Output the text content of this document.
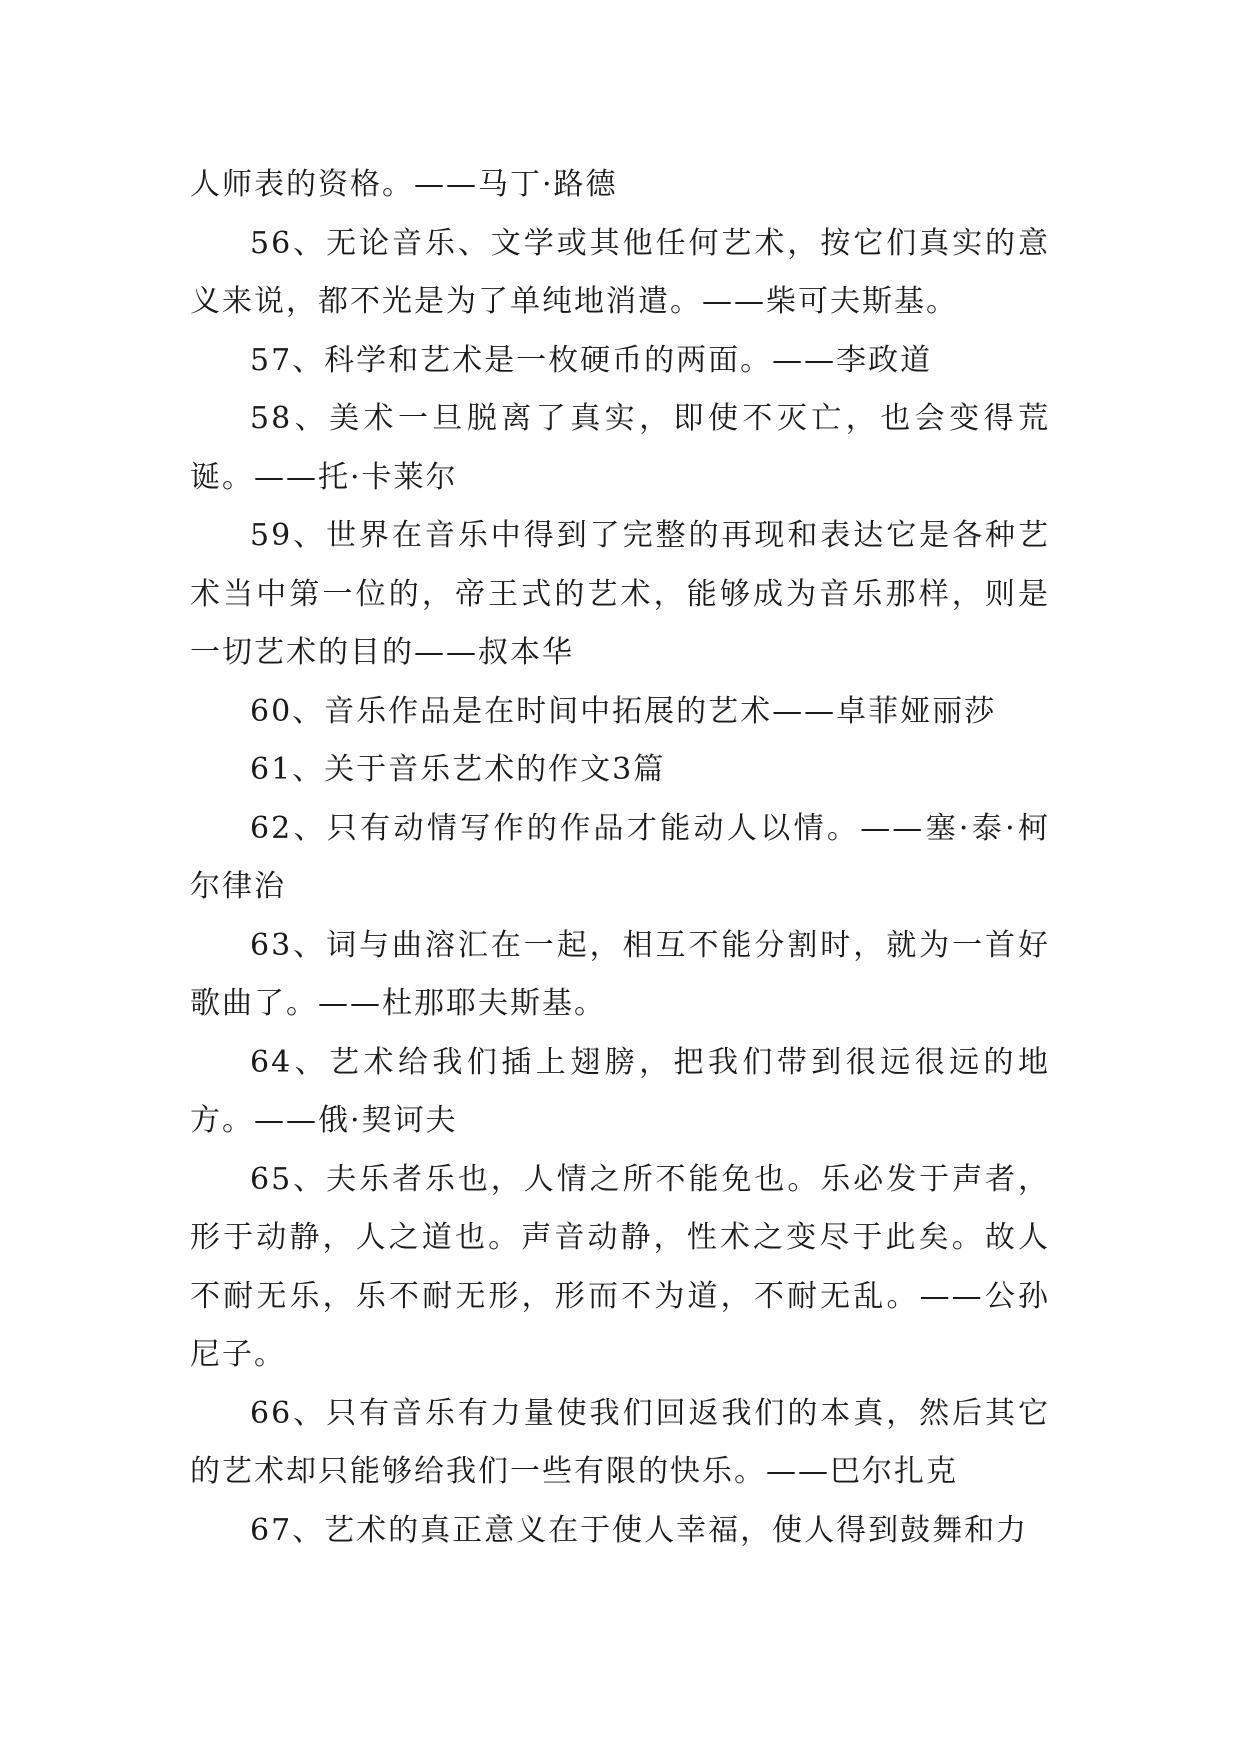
人师表的资格。——马丁·路德

56、无论音乐、文学或其他任何艺术，按它们真实的意义来说，都不光是为了单纯地消遣。——柴可夫斯基。

57、科学和艺术是一枚硬币的两面。——李政道

58、美术一旦脱离了真实，即使不灭亡，也会变得荒诞。——托·卡莱尔

59、世界在音乐中得到了完整的再现和表达它是各种艺术当中第一位的，帝王式的艺术，能够成为音乐那样，则是一切艺术的目的——叔本华

60、音乐作品是在时间中拓展的艺术——卓菲娅丽莎

61、关于音乐艺术的作文3篇

62、只有动情写作的作品才能动人以情。——塞·泰·柯尔律治

63、词与曲溶汇在一起，相互不能分割时，就为一首好歌曲了。——杜那耶夫斯基。

64、艺术给我们插上翅膀，把我们带到很远很远的地方。——俄·契诃夫

65、夫乐者乐也，人情之所不能免也。乐必发于声者，形于动静，人之道也。声音动静，性术之变尽于此矣。故人不耐无乐，乐不耐无形，形而不为道，不耐无乱。——公孙尼子。

66、只有音乐有力量使我们回返我们的本真，然后其它的艺术却只能够给我们一些有限的快乐。——巴尔扎克

67、艺术的真正意义在于使人幸福，使人得到鼓舞和力
